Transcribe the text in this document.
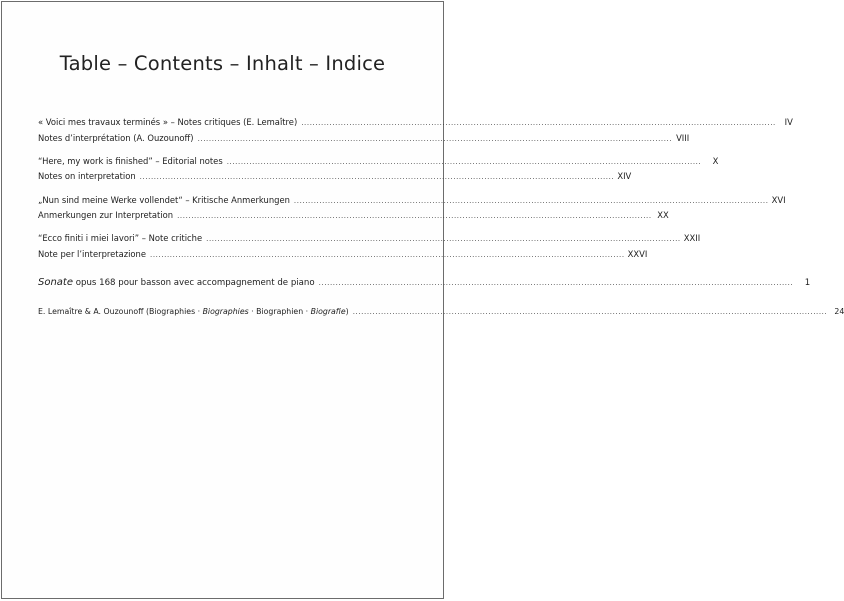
Table – Contents – Inhalt – Indice
« Voici mes travaux terminés » – Notes critiques (E. Lemaître) ........................................................................................................................................................................	IV
Notes d’interprétation (A. Ouzounoff) ........................................................................................................................................................................ VIII
“Here, my work is finished” – Editorial notes ........................................................................................................................................................................	X
Notes on interpretation ........................................................................................................................................................................ XIV
„Nun sind meine Werke vollendet“ – Kritische Anmerkungen ........................................................................................................................................................................ XVI
Anmerkungen zur Interpretation ........................................................................................................................................................................ XX
“Ecco finiti i miei lavori” – Note critiche ........................................................................................................................................................................ XXII
Note per l’interpretazione ........................................................................................................................................................................ XXVI
Sonate opus 168 pour basson avec accompagnement de piano ........................................................................................................................................................................	1
E. Lemaître & A. Ouzounoff (Biographies · Biographies · Biographien · Biografie) ........................................................................................................................................................................ 24
